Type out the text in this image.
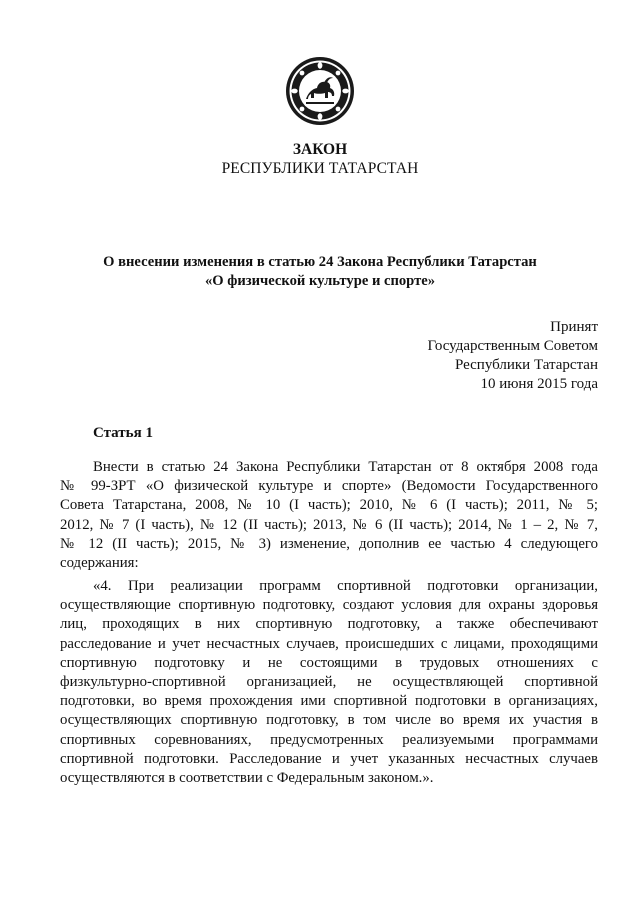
ЗАКОН
РЕСПУБЛИКИ ТАТАРСТАН
О внесении изменения в статью 24 Закона Республики Татарстан
«О физической культуре и спорте»
Принят
Государственным Советом
Республики Татарстан
10 июня 2015 года
Статья 1
Внести в статью 24 Закона Республики Татарстан от 8 октября 2008 года
№ 99-ЗРТ «О физической культуре и спорте» (Ведомости Государственного
Совета Татарстана, 2008, № 10 (I часть); 2010, № 6 (I часть); 2011, № 5;
2012, № 7 (I часть), № 12 (II часть); 2013, № 6 (II часть); 2014, № 1 – 2, № 7,
№ 12 (II часть); 2015, № 3) изменение, дополнив ее частью 4 следующего
содержания:
«4. При реализации программ спортивной подготовки организации,
осуществляющие спортивную подготовку, создают условия для охраны здоровья
лиц, проходящих в них спортивную подготовку, а также обеспечивают
расследование и учет несчастных случаев, происшедших с лицами, проходящими
спортивную подготовку и не состоящими в трудовых отношениях с
физкультурно-спортивной организацией, не осуществляющей спортивной
подготовки, во время прохождения ими спортивной подготовки в организациях,
осуществляющих спортивную подготовку, в том числе во время их участия в
спортивных соревнованиях, предусмотренных реализуемыми программами
спортивной подготовки. Расследование и учет указанных несчастных случаев
осуществляются в соответствии с Федеральным законом.».
